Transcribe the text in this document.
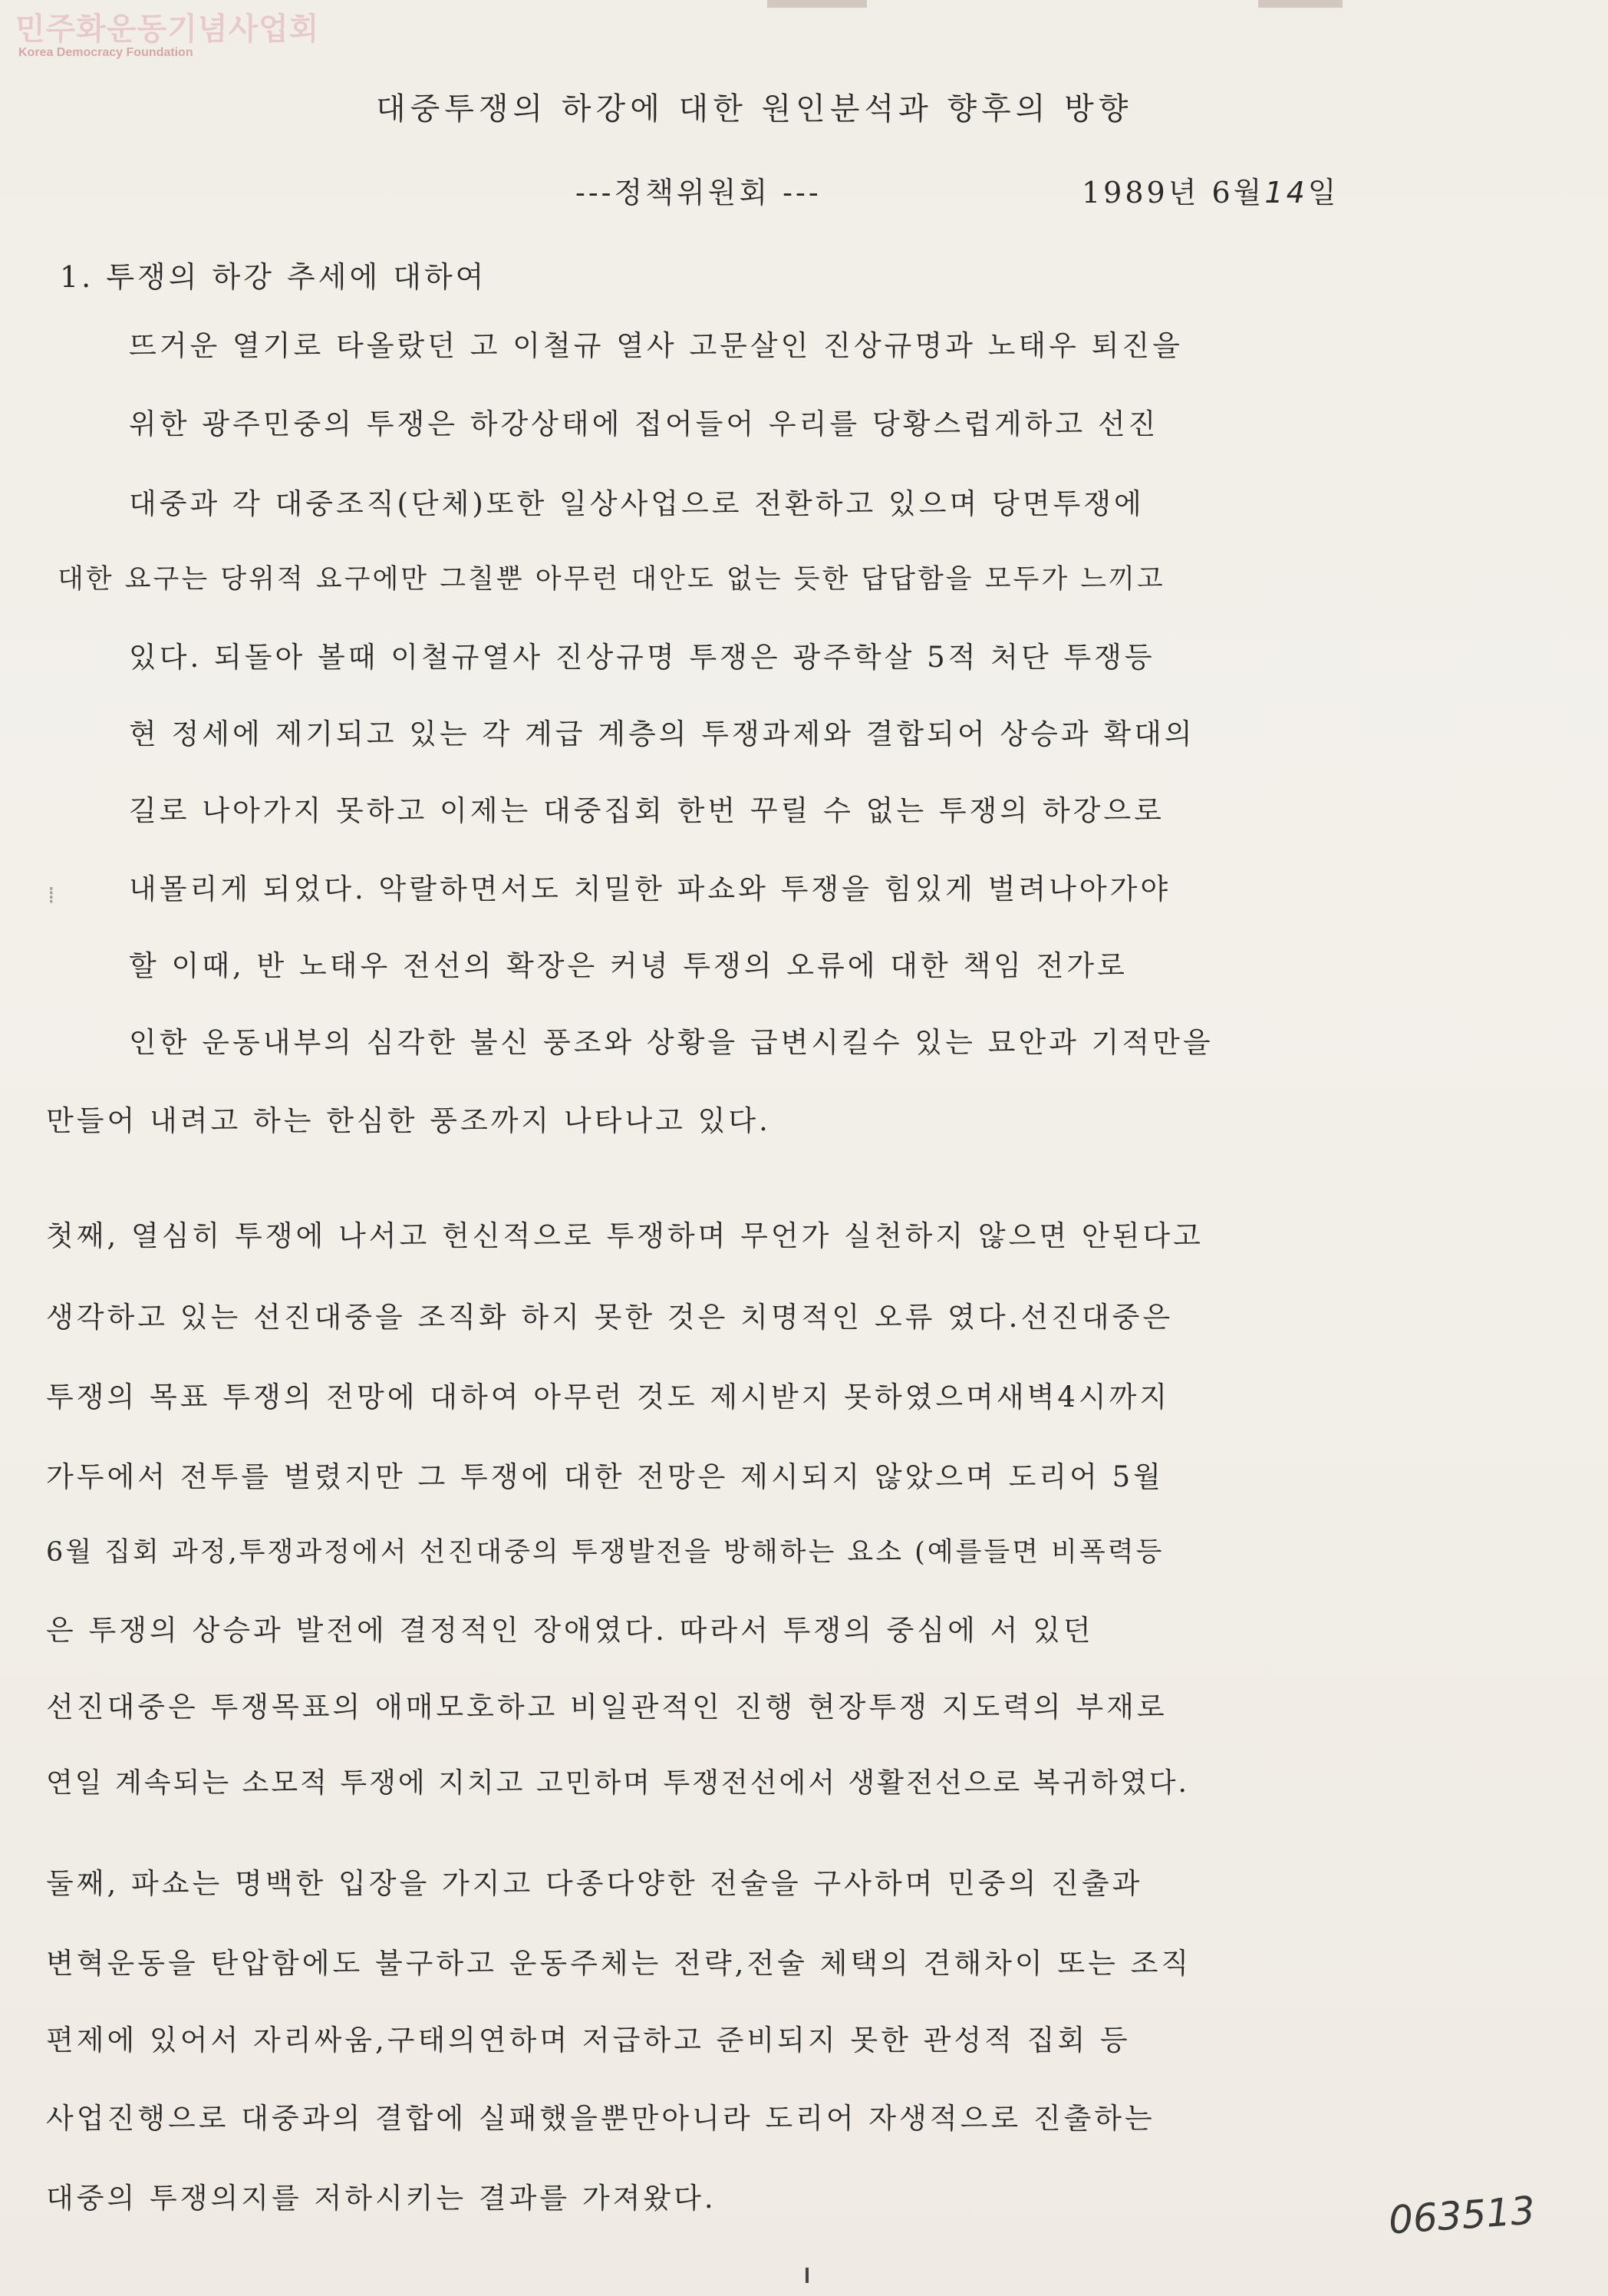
민주화운동기념사업회
Korea Democracy Foundation
대중투쟁의 하강에 대한 원인분석과 향후의 방향
---정책위원회 ---	1989년 6월14일
1. 투쟁의 하강 추세에 대하여
뜨거운 열기로 타올랐던 고 이철규 열사 고문살인 진상규명과 노태우 퇴진을
위한 광주민중의 투쟁은 하강상태에 접어들어 우리를 당황스럽게하고 선진
대중과 각 대중조직(단체)또한 일상사업으로 전환하고 있으며 당면투쟁에
대한 요구는 당위적 요구에만 그칠뿐 아무런 대안도 없는 듯한 답답함을 모두가 느끼고
있다. 되돌아 볼때 이철규열사 진상규명 투쟁은 광주학살 5적 처단 투쟁등
현 정세에 제기되고 있는 각 계급 계층의 투쟁과제와 결합되어 상승과 확대의
길로 나아가지 못하고 이제는 대중집회 한번 꾸릴 수 없는 투쟁의 하강으로
내몰리게 되었다. 악랄하면서도 치밀한 파쇼와 투쟁을 힘있게 벌려나아가야
할 이때, 반 노태우 전선의 확장은 커녕 투쟁의 오류에 대한 책임 전가로
인한 운동내부의 심각한 불신 풍조와 상황을 급변시킬수 있는 묘안과 기적만을
만들어 내려고 하는 한심한 풍조까지 나타나고 있다.
첫째, 열심히 투쟁에 나서고 헌신적으로 투쟁하며 무언가 실천하지 않으면 안된다고
생각하고 있는 선진대중을 조직화 하지 못한 것은 치명적인 오류 였다.선진대중은
투쟁의 목표 투쟁의 전망에 대하여 아무런 것도 제시받지 못하였으며새벽4시까지
가두에서 전투를 벌렸지만 그 투쟁에 대한 전망은 제시되지 않았으며 도리어 5월
6월 집회 과정,투쟁과정에서 선진대중의 투쟁발전을 방해하는 요소 (예를들면 비폭력등
은 투쟁의 상승과 발전에 결정적인 장애였다. 따라서 투쟁의 중심에 서 있던
선진대중은 투쟁목표의 애매모호하고 비일관적인 진행 현장투쟁 지도력의 부재로
연일 계속되는 소모적 투쟁에 지치고 고민하며 투쟁전선에서 생활전선으로 복귀하였다.
둘째, 파쇼는 명백한 입장을 가지고 다종다양한 전술을 구사하며 민중의 진출과
변혁운동을 탄압함에도 불구하고 운동주체는 전략,전술 체택의 견해차이 또는 조직
편제에 있어서 자리싸움,구태의연하며 저급하고 준비되지 못한 관성적 집회 등
사업진행으로 대중과의 결합에 실패했을뿐만아니라 도리어 자생적으로 진출하는
대중의 투쟁의지를 저하시키는 결과를 가져왔다.
⁞
063513
